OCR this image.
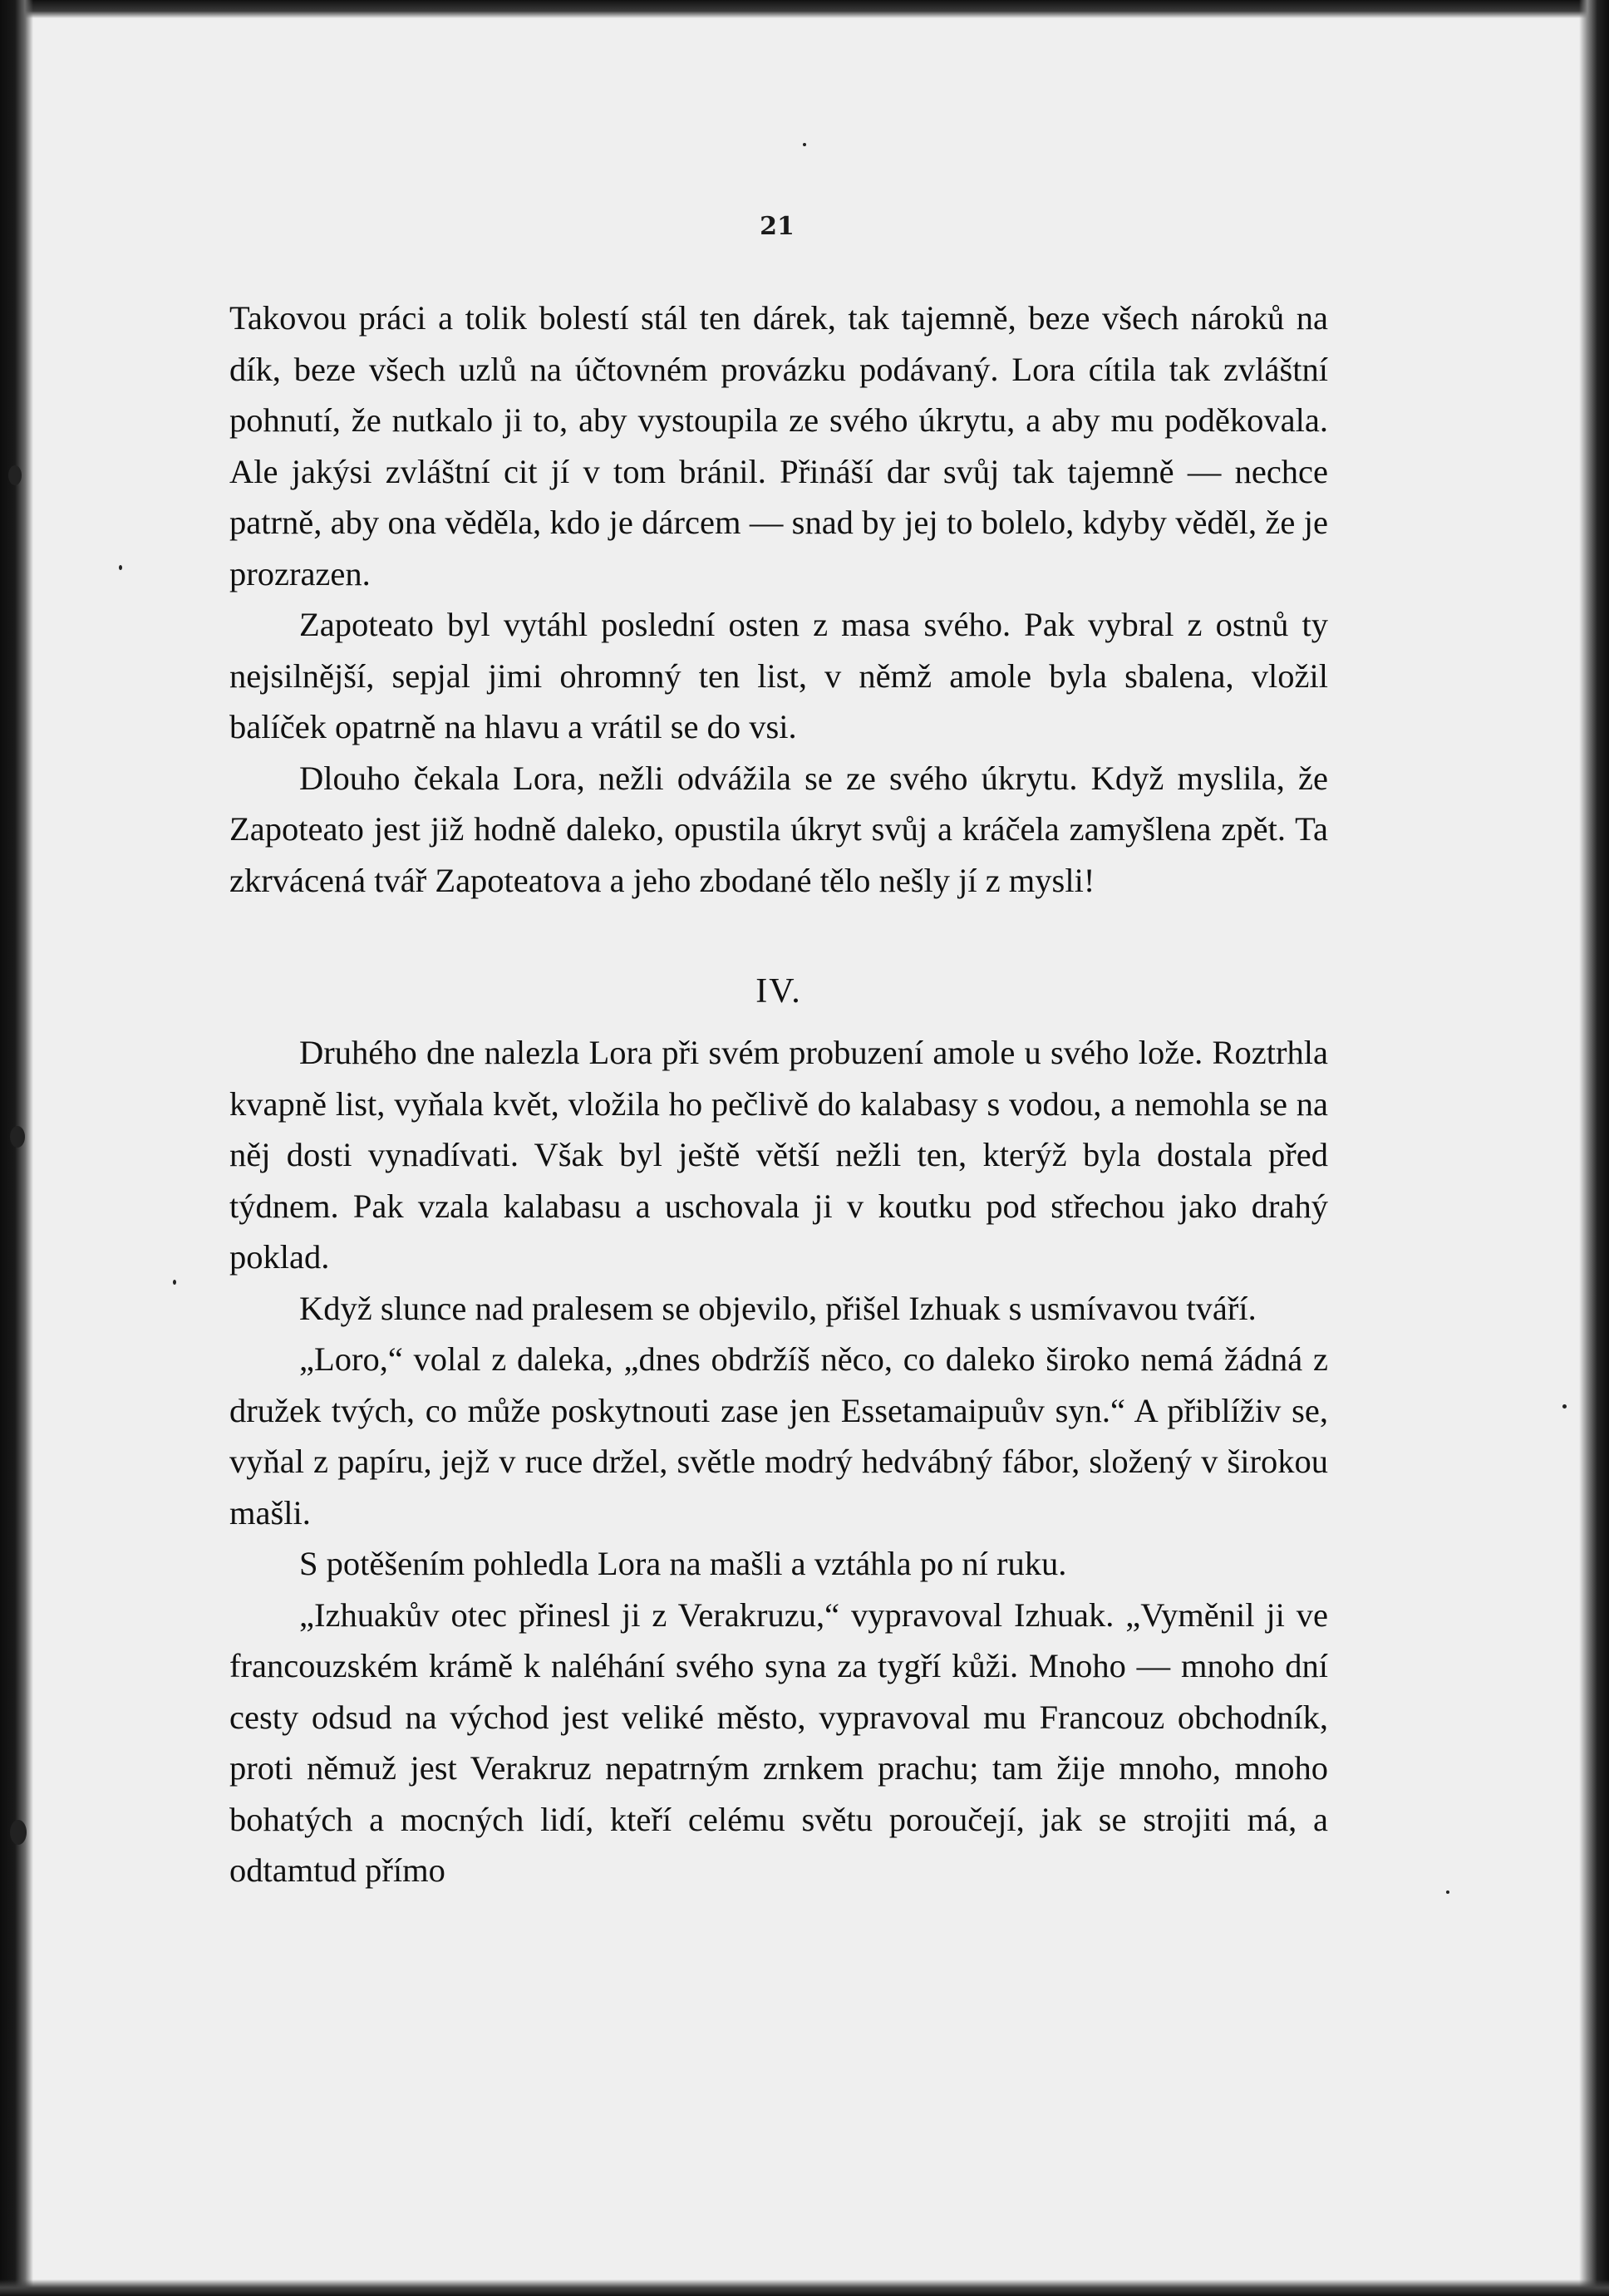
21

Takovou práci a tolik bolestí stál ten dárek, tak tajemně, beze všech nároků na dík, beze všech uzlů na účtovném provázku podávaný. Lora cítila tak zvláštní pohnutí, že nutkalo ji to, aby vystoupila ze svého úkrytu, a aby mu poděkovala. Ale jakýsi zvláštní cit jí v tom bránil. Přináší dar svůj tak tajemně — nechce patrně, aby ona věděla, kdo je dárcem — snad by jej to bolelo, kdyby věděl, že je prozrazen.

Zapoteato byl vytáhl poslední osten z masa svého. Pak vybral z ostnů ty nejsilnější, sepjal jimi ohromný ten list, v němž amole byla sbalena, vložil balíček opatrně na hlavu a vrátil se do vsi.

Dlouho čekala Lora, nežli odvážila se ze svého úkrytu. Když myslila, že Zapoteato jest již hodně daleko, opustila úkryt svůj a kráčela zamyšlena zpět. Ta zkrvácená tvář Zapoteatova a jeho zbodané tělo nešly jí z mysli!

IV.

Druhého dne nalezla Lora při svém probuzení amole u svého lože. Roztrhla kvapně list, vyňala květ, vložila ho pečlivě do kalabasy s vodou, a nemohla se na něj dosti vynadívati. Však byl ještě větší nežli ten, kterýž byla dostala před týdnem. Pak vzala kalabasu a uschovala ji v koutku pod střechou jako drahý poklad.

Když slunce nad pralesem se objevilo, přišel Izhuak s usmívavou tváří.

„Loro,“ volal z daleka, „dnes obdržíš něco, co daleko široko nemá žádná z družek tvých, co může poskytnouti zase jen Essetamaipuův syn.“ A přiblíživ se, vyňal z papíru, jejž v ruce držel, světle modrý hedvábný fábor, složený v širokou mašli.

S potěšením pohledla Lora na mašli a vztáhla po ní ruku.

„Izhuakův otec přinesl ji z Verakruzu,“ vypravoval Izhuak. „Vyměnil ji ve francouzském krámě k naléhání svého syna za tygří kůži. Mnoho — mnoho dní cesty odsud na východ jest veliké město, vypravoval mu Francouz obchodník, proti němuž jest Verakruz nepatrným zrnkem prachu; tam žije mnoho, mnoho bohatých a mocných lidí, kteří celému světu poroučejí, jak se strojiti má, a odtamtud přímo
